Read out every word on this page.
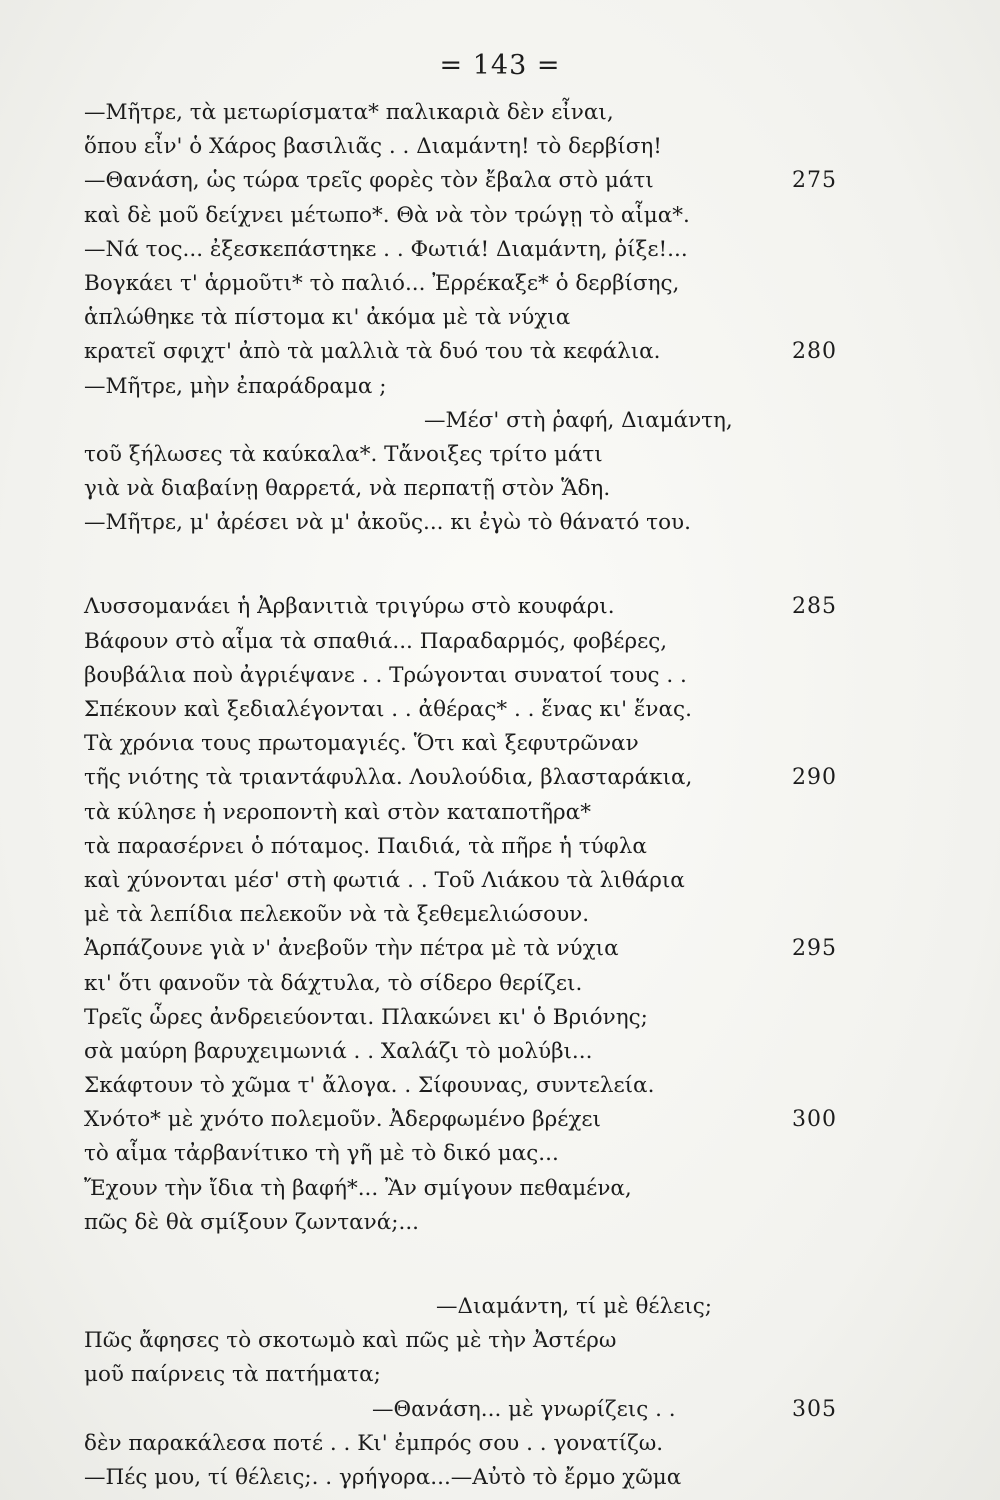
= 143 =
—Μῆτρε, τὰ μετωρίσματα* παλικαριὰ δὲν εἶναι,
ὅπου εἶν' ὁ Χάρος βασιλιᾶς . . Διαμάντη! τὸ δερβίση!
—Θανάση, ὡς τώρα τρεῖς φορὲς τὸν ἔβαλα στὸ μάτι	275
καὶ δὲ μοῦ δείχνει μέτωπο*. Θὰ νὰ τὸν τρώγῃ τὸ αἷμα*.
—Νά τος... ἐξεσκεπάστηκε . . Φωτιά! Διαμάντη, ῥίξε!...
Βογκάει τ' ἁρμοῦτι* τὸ παλιό... Ἐρρέκαξε* ὁ δερβίσης,
ἁπλώθηκε τὰ πίστομα κι' ἀκόμα μὲ τὰ νύχια
κρατεῖ σφιχτ' ἀπὸ τὰ μαλλιὰ τὰ δυό του τὰ κεφάλια.	280
—Μῆτρε, μὴν ἐπαράδραμα ;
—Μέσ' στὴ ῥαφή, Διαμάντη,
τοῦ ξήλωσες τὰ καύκαλα*. Τἄνοιξες τρίτο μάτι
γιὰ νὰ διαβαίνῃ θαρρετά, νὰ περπατῇ στὸν Ἅδη.
—Μῆτρε, μ' ἀρέσει νὰ μ' ἀκοῦς... κι ἐγὼ τὸ θάνατό του.
Λυσσομανάει ἡ Ἀρβανιτιὰ τριγύρω στὸ κουφάρι.	285
Βάφουν στὸ αἷμα τὰ σπαθιά... Παραδαρμός, φοβέρες,
βουβάλια ποὺ ἀγριέψανε . . Τρώγονται συνατοί τους . .
Σπέκουν καὶ ξεδιαλέγονται . . ἀθέρας* . . ἕνας κι' ἕνας.
Τὰ χρόνια τους πρωτομαγιές. Ὅτι καὶ ξεφυτρῶναν
τῆς νιότης τὰ τριαντάφυλλα. Λουλούδια, βλασταράκια,	290
τὰ κύλησε ἡ νεροποντὴ καὶ στὸν καταποτῆρα*
τὰ παρασέρνει ὁ πόταμος. Παιδιά, τὰ πῆρε ἡ τύφλα
καὶ χύνονται μέσ' στὴ φωτιά . . Τοῦ Λιάκου τὰ λιθάρια
μὲ τὰ λεπίδια πελεκοῦν νὰ τὰ ξεθεμελιώσουν.
Ἁρπάζουνε γιὰ ν' ἀνεβοῦν τὴν πέτρα μὲ τὰ νύχια	295
κι' ὅτι φανοῦν τὰ δάχτυλα, τὸ σίδερο θερίζει.
Τρεῖς ὧρες ἀνδρειεύονται. Πλακώνει κι' ὁ Βριόνης;
σὰ μαύρη βαρυχειμωνιά . . Χαλάζι τὸ μολύβι...
Σκάφτουν τὸ χῶμα τ' ἄλογα. . Σίφουνας, συντελεία.
Χνότο* μὲ χνότο πολεμοῦν. Ἀδερφωμένο βρέχει	300
τὸ αἷμα τἀρβανίτικο τὴ γῆ μὲ τὸ δικό μας...
Ἔχουν τὴν ἴδια τὴ βαφή*... Ἂν σμίγουν πεθαμένα,
πῶς δὲ θὰ σμίξουν ζωντανά;...
—Διαμάντη, τί μὲ θέλεις;
Πῶς ἄφησες τὸ σκοτωμὸ καὶ πῶς μὲ τὴν Ἀστέρω
μοῦ παίρνεις τὰ πατήματα;
—Θανάση... μὲ γνωρίζεις . .	305
δὲν παρακάλεσα ποτέ . . Κι' ἐμπρός σου . . γονατίζω.
—Πές μου, τί θέλεις;. . γρήγορα...—Αὐτὸ τὸ ἔρμο χῶμα
